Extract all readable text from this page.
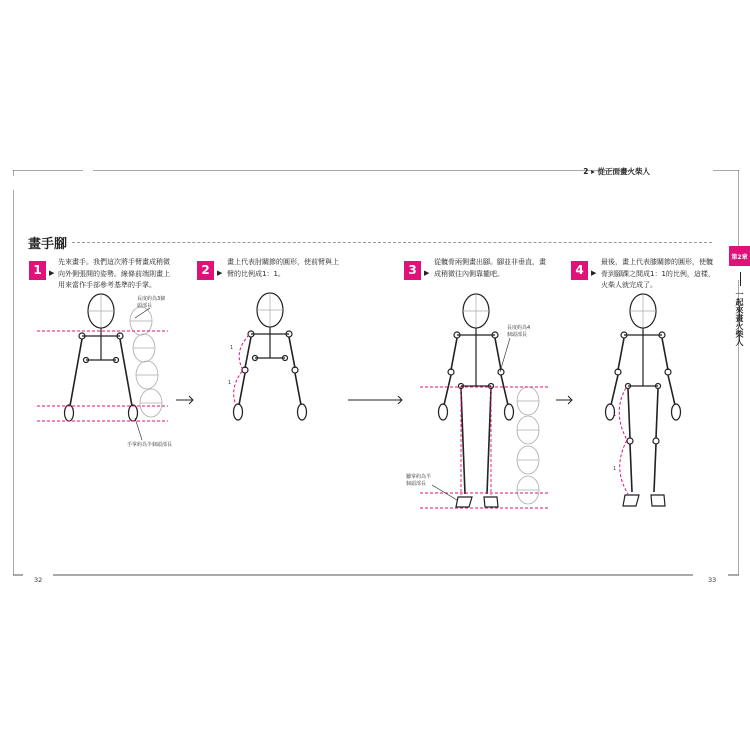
2 ▸ 從正面畫火柴人
畫手腳
第2章
一起來畫火柴人
1	▶
先來畫手。我們這次將手臂畫成稍微
向外側張開的姿勢。線條前端則畫上
用來當作手部參考基準的手掌。
2	▶
畫上代表肘關節的圓形，使前臂與上
臂的比例成1：1。	3	▶
從髖骨兩側畫出腳。腳並非垂直，畫
成稍微往內側靠攏吧。	4	▶
最後，畫上代表膝關節的圓形，使髖
骨到腳踝之間成1：1的比例，這樣，
火柴人就完成了。
長度約為3個
頭部長
手掌約為半個頭部長
長度約為4
個頭部長
腳掌約為半
個頭部長
1
1
1
1
32	33
